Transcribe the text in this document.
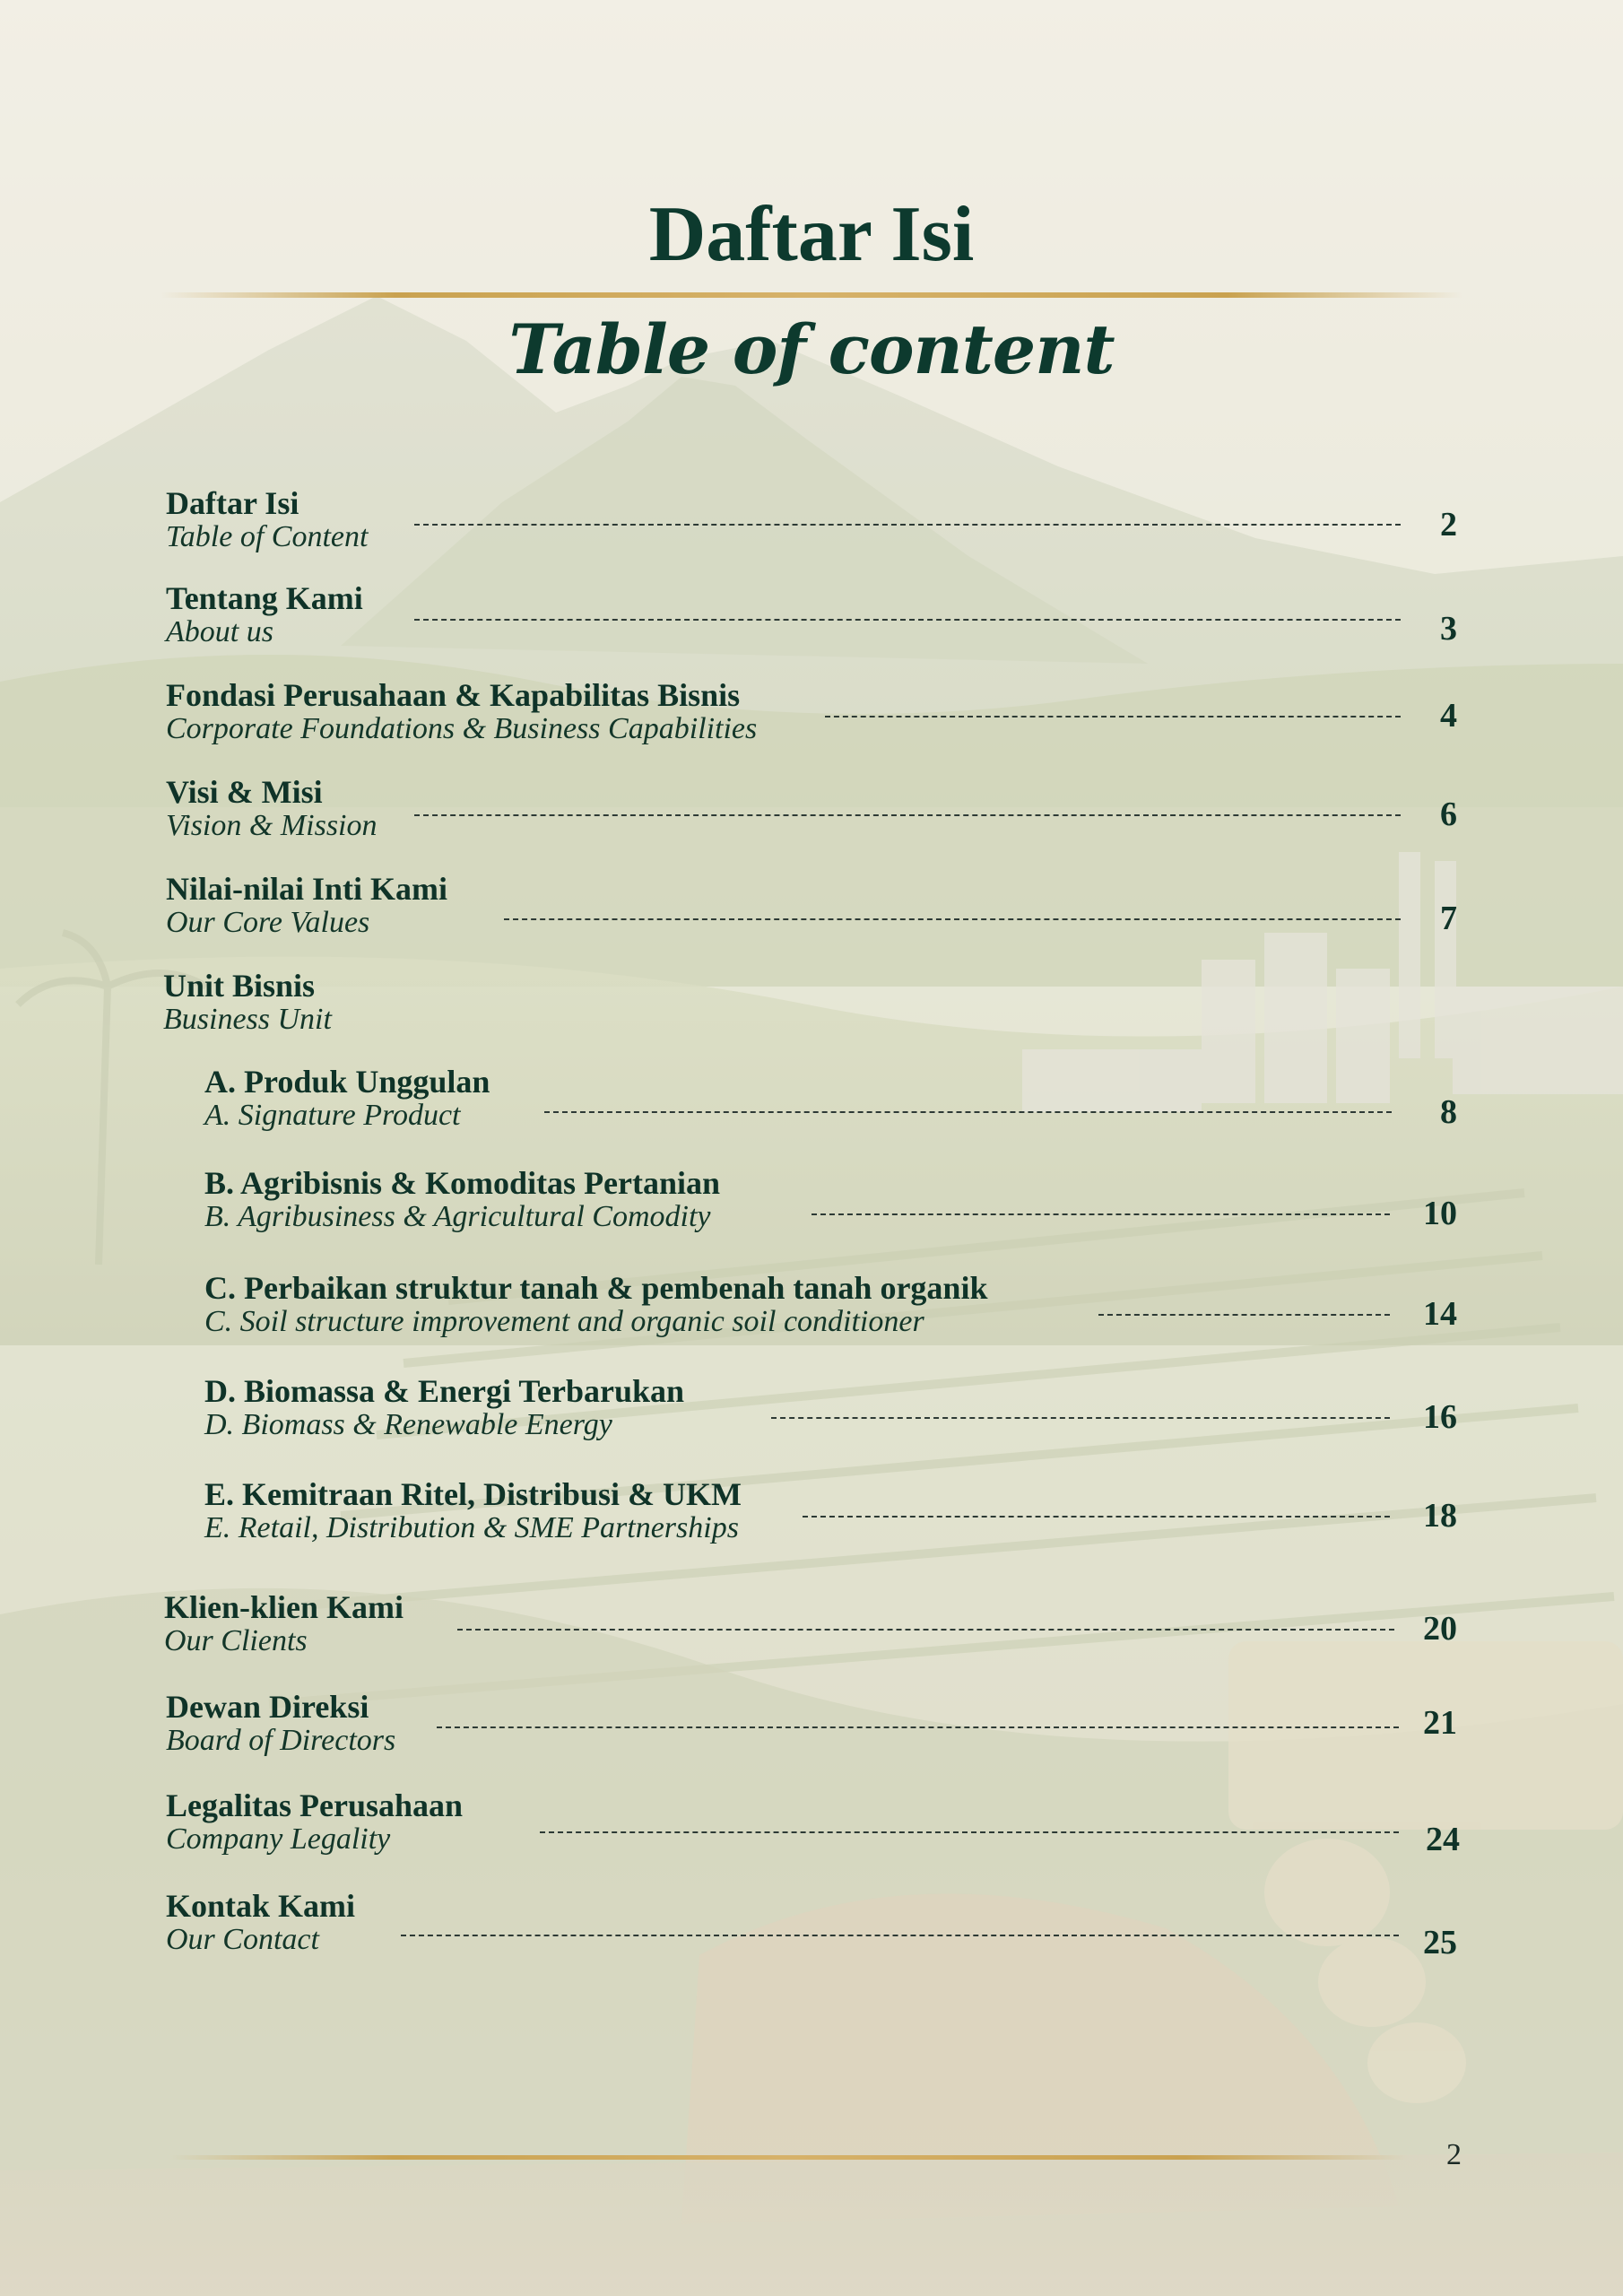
Daftar Isi
Table of content
Daftar Isi
Table of Content	2
Tentang Kami
About us	3
Fondasi Perusahaan & Kapabilitas Bisnis
Corporate Foundations & Business Capabilities	4
Visi & Misi
Vision & Mission	6
Nilai-nilai Inti Kami
Our Core Values	7
Unit Bisnis
Business Unit
A. Produk Unggulan
A. Signature Product	8
B. Agribisnis & Komoditas Pertanian
B. Agribusiness & Agricultural Comodity	10
C. Perbaikan struktur tanah & pembenah tanah organik
C. Soil structure improvement and organic soil conditioner	14
D. Biomassa & Energi Terbarukan
D. Biomass & Renewable Energy	16
E. Kemitraan Ritel, Distribusi & UKM
E. Retail, Distribution & SME Partnerships	18
Klien-klien Kami
Our Clients	20
Dewan Direksi
Board of Directors	21
Legalitas Perusahaan
Company Legality	24
Kontak Kami
Our Contact	25
2
